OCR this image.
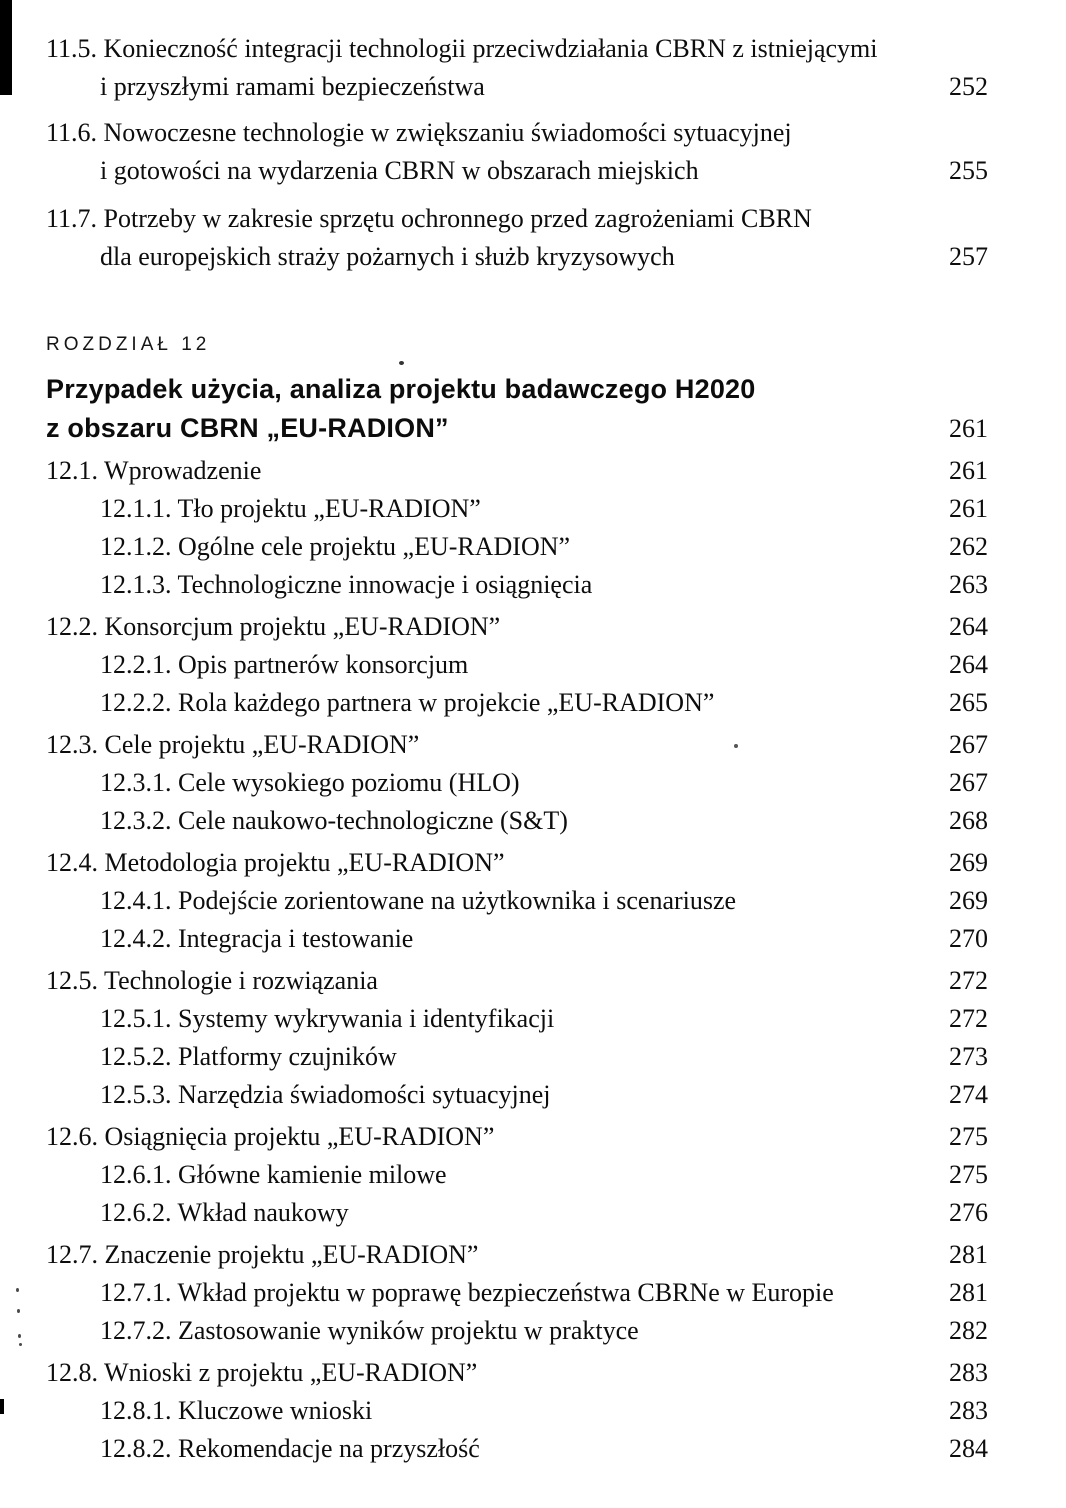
11.5. Konieczność integracji technologii przeciwdziałania CBRN z istniejącymi
i przyszłymi ramami bezpieczeństwa	252
11.6. Nowoczesne technologie w zwiększaniu świadomości sytuacyjnej
i gotowości na wydarzenia CBRN w obszarach miejskich	255
11.7. Potrzeby w zakresie sprzętu ochronnego przed zagrożeniami CBRN
dla europejskich straży pożarnych i służb kryzysowych	257
ROZDZIAŁ 12
Przypadek użycia, analiza projektu badawczego H2020
z obszaru CBRN „EU-RADION”	261
12.1. Wprowadzenie	261
12.1.1. Tło projektu „EU-RADION”	261
12.1.2. Ogólne cele projektu „EU-RADION”	262
12.1.3. Technologiczne innowacje i osiągnięcia	263
12.2. Konsorcjum projektu „EU-RADION”	264
12.2.1. Opis partnerów konsorcjum	264
12.2.2. Rola każdego partnera w projekcie „EU-RADION”	265
12.3. Cele projektu „EU-RADION”	267
12.3.1. Cele wysokiego poziomu (HLO)	267
12.3.2. Cele naukowo-technologiczne (S&T)	268
12.4. Metodologia projektu „EU-RADION”	269
12.4.1. Podejście zorientowane na użytkownika i scenariusze	269
12.4.2. Integracja i testowanie	270
12.5. Technologie i rozwiązania	272
12.5.1. Systemy wykrywania i identyfikacji	272
12.5.2. Platformy czujników	273
12.5.3. Narzędzia świadomości sytuacyjnej	274
12.6. Osiągnięcia projektu „EU-RADION”	275
12.6.1. Główne kamienie milowe	275
12.6.2. Wkład naukowy	276
12.7. Znaczenie projektu „EU-RADION”	281
12.7.1. Wkład projektu w poprawę bezpieczeństwa CBRNe w Europie	281
12.7.2. Zastosowanie wyników projektu w praktyce	282
12.8. Wnioski z projektu „EU-RADION”	283
12.8.1. Kluczowe wnioski	283
12.8.2. Rekomendacje na przyszłość	284
